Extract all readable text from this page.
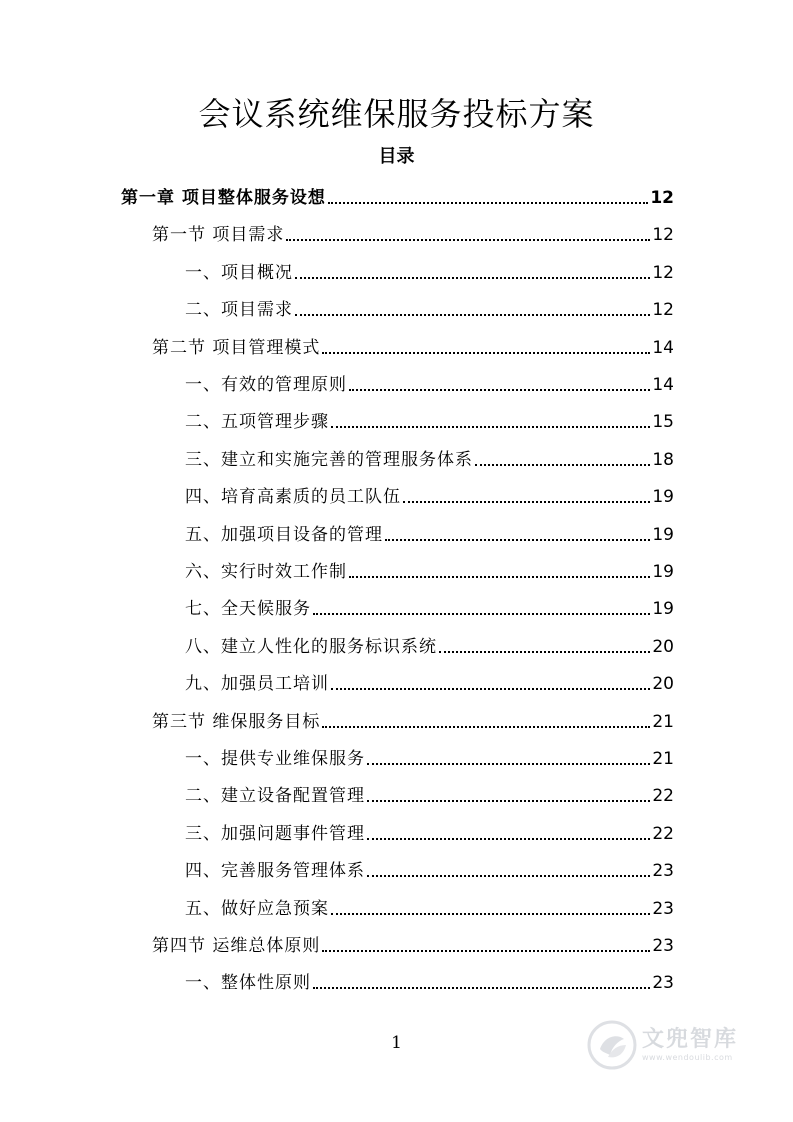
会议系统维保服务投标方案
目录
第一章 项目整体服务设想	12
第一节 项目需求	12
一、项目概况	12
二、项目需求	12
第二节 项目管理模式	14
一、有效的管理原则	14
二、五项管理步骤	15
三、建立和实施完善的管理服务体系	18
四、培育高素质的员工队伍	19
五、加强项目设备的管理	19
六、实行时效工作制	19
七、全天候服务	19
八、建立人性化的服务标识系统	20
九、加强员工培训	20
第三节 维保服务目标	21
一、提供专业维保服务	21
二、建立设备配置管理	22
三、加强问题事件管理	22
四、完善服务管理体系	23
五、做好应急预案	23
第四节 运维总体原则	23
一、整体性原则	23
1	文兜智库
www.wendoulib.com
